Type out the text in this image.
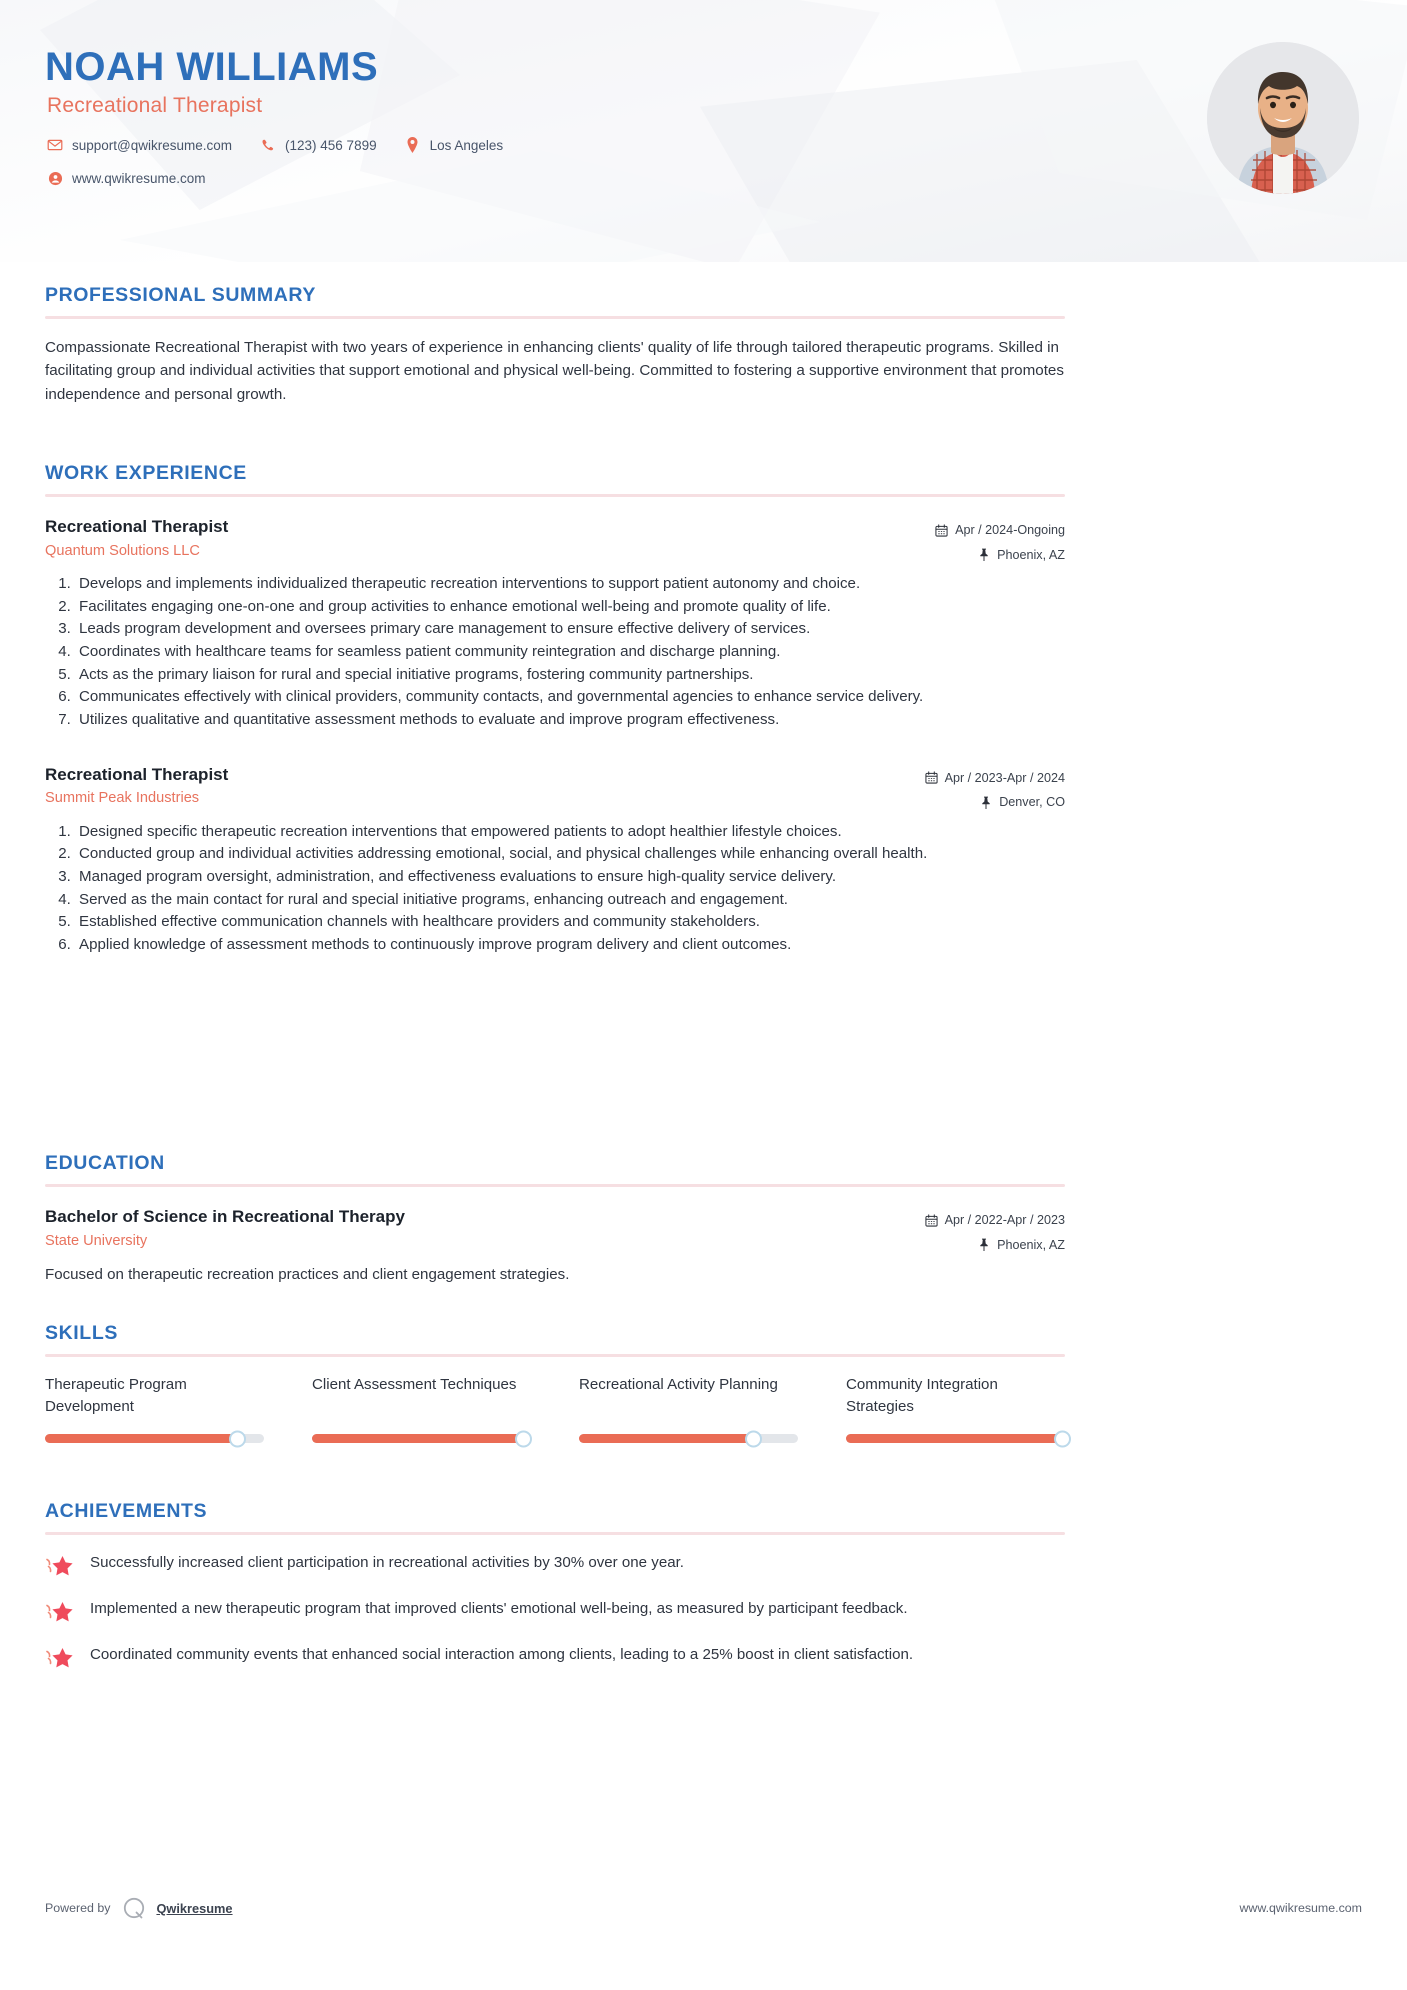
NOAH WILLIAMS
Recreational Therapist
support@qwikresume.com	(123) 456 7899	Los Angeles
www.qwikresume.com
PROFESSIONAL SUMMARY
Compassionate Recreational Therapist with two years of experience in enhancing clients' quality of life through tailored therapeutic programs. Skilled in facilitating group and individual activities that support emotional and physical well-being. Committed to fostering a supportive environment that promotes independence and personal growth.
WORK EXPERIENCE
Recreational Therapist
Quantum Solutions LLC
Apr / 2024-Ongoing
Phoenix, AZ
1. Develops and implements individualized therapeutic recreation interventions to support patient autonomy and choice.
2. Facilitates engaging one-on-one and group activities to enhance emotional well-being and promote quality of life.
3. Leads program development and oversees primary care management to ensure effective delivery of services.
4. Coordinates with healthcare teams for seamless patient community reintegration and discharge planning.
5. Acts as the primary liaison for rural and special initiative programs, fostering community partnerships.
6. Communicates effectively with clinical providers, community contacts, and governmental agencies to enhance service delivery.
7. Utilizes qualitative and quantitative assessment methods to evaluate and improve program effectiveness.
Recreational Therapist
Summit Peak Industries
Apr / 2023-Apr / 2024
Denver, CO
1. Designed specific therapeutic recreation interventions that empowered patients to adopt healthier lifestyle choices.
2. Conducted group and individual activities addressing emotional, social, and physical challenges while enhancing overall health.
3. Managed program oversight, administration, and effectiveness evaluations to ensure high-quality service delivery.
4. Served as the main contact for rural and special initiative programs, enhancing outreach and engagement.
5. Established effective communication channels with healthcare providers and community stakeholders.
6. Applied knowledge of assessment methods to continuously improve program delivery and client outcomes.
EDUCATION
Bachelor of Science in Recreational Therapy
State University
Apr / 2022-Apr / 2023
Phoenix, AZ
Focused on therapeutic recreation practices and client engagement strategies.
SKILLS
Therapeutic Program Development
Client Assessment Techniques	Recreational Activity Planning	Community Integration Strategies
ACHIEVEMENTS
Successfully increased client participation in recreational activities by 30% over one year.
Implemented a new therapeutic program that improved clients' emotional well-being, as measured by participant feedback.
Coordinated community events that enhanced social interaction among clients, leading to a 25% boost in client satisfaction.
Powered by	Qwikresume	www.qwikresume.com
